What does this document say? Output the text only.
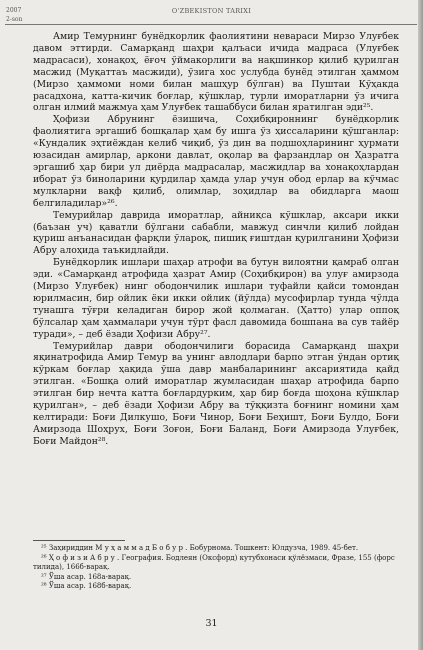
2007
2-son
O'ZBEKISTON TARIXI

Амир Темурнинг бунёдкорлик фаолиятини невараси Мирзо Улуғбек давом эттирди. Самарқанд шаҳри қалъаси ичида мадраса (Улуғбек мадрасаси), хонақоҳ, ёғоч ўймакорлиги ва нақшинкор қилиб қурилган масжид (Муқаттаъ масжиди), ўзига хос услубда бунёд этилган ҳаммом (Мирзо ҳаммоми номи билан машҳур бўлган) ва Пуштаи Кўҳакда расадхона, катта-кичик боғлар, кўшклар, турли иморатларни ўз ичига олган илмий мажмуа ҳам Улуғбек ташаббуси билан яратилган эди²⁵.

Ҳофизи Абрунинг ёзишича, Соҳибқироннинг бунёдкорлик фаолиятига эргашиб бошқалар ҳам бу ишга ўз ҳиссаларини қўшганлар: «Кундалик эҳтиёждан келиб чиқиб, ўз дин ва подшоҳларининг ҳурмати юзасидан амирлар, аркони давлат, оқолар ва фарзандлар он Ҳазратга эргашиб ҳар бири ул диёрда мадрасалар, масжидлар ва хонақоҳлардан иборат ўз биноларини қурдилар ҳамда улар учун обод ерлар ва кўчмас мулкларни вақф қилиб, олимлар, зоҳидлар ва обидларга маош белгиладилар»²⁶.

Темурийлар даврида иморатлар, айниқса кўшклар, аксари икки (баъзан уч) қаватли бўлгани сабабли, мавжуд синчли қилиб лойдан қуриш анъанасидан фарқли ўлароқ, пишиқ ғиштдан қурилганини Ҳофизи Абру алоҳида таъкидлайди.

Бунёдкорлик ишлари шаҳар атрофи ва бутун вилоятни қамраб олган эди. «Самарқанд атрофида ҳазрат Амир (Соҳибқирон) ва улуғ амирзода (Мирзо Улуғбек) нинг ободончилик ишлари туфайли қайси томондан юрилмасин, бир ойлик ёки икки ойлик (йўлда) мусофирлар тунда чўлда тунашга тўғри келадиган бирор жой қолмаган. (Ҳатто) улар оппоқ бўлсалар ҳам ҳаммалари учун тўрт фасл давомида бошпана ва сув тайёр туради», – деб ёзади Ҳофизи Абру²⁷.

Темурийлар даври ободончилиги борасида Самарқанд шаҳри яқинатрофида Амир Темур ва унинг авлодлари барпо этган ўндан ортиқ кўркам боғлар ҳақида ўша давр манбаларининг аксариятида қайд этилган. «Бошқа олий иморатлар жумласидан шаҳар атрофида барпо этилган бир нечта катта боғлардурким, ҳар бир боғда шоҳона кўшклар қурилган», – деб ёзади Ҳофизи Абру ва тўққизта боғнинг номини ҳам келтиради: Боғи Дилкушо, Боғи Чинор, Боғи Беҳишт, Боғи Булдо, Боғи Амирзода Шоҳрух, Боғи Зоғон, Боғи Баланд, Боғи Амирзода Улуғбек, Боғи Майдон²⁸.

²⁵ Заҳириддин М у ҳ а м м а д Б о б у р . Бобурнома. Тошкент: Юлдузча, 1989. 45-бет.

²⁶ Ҳ о ф и з и А б р у . География. Бодлеян (Оксфорд) кутубхонаси қўлёзмаси, Фразе, 155 (форс тилида), 166б-варақ.

²⁷ Ўша асар. 168а-варақ.

²⁸ Ўша асар. 168б-варақ.

31
